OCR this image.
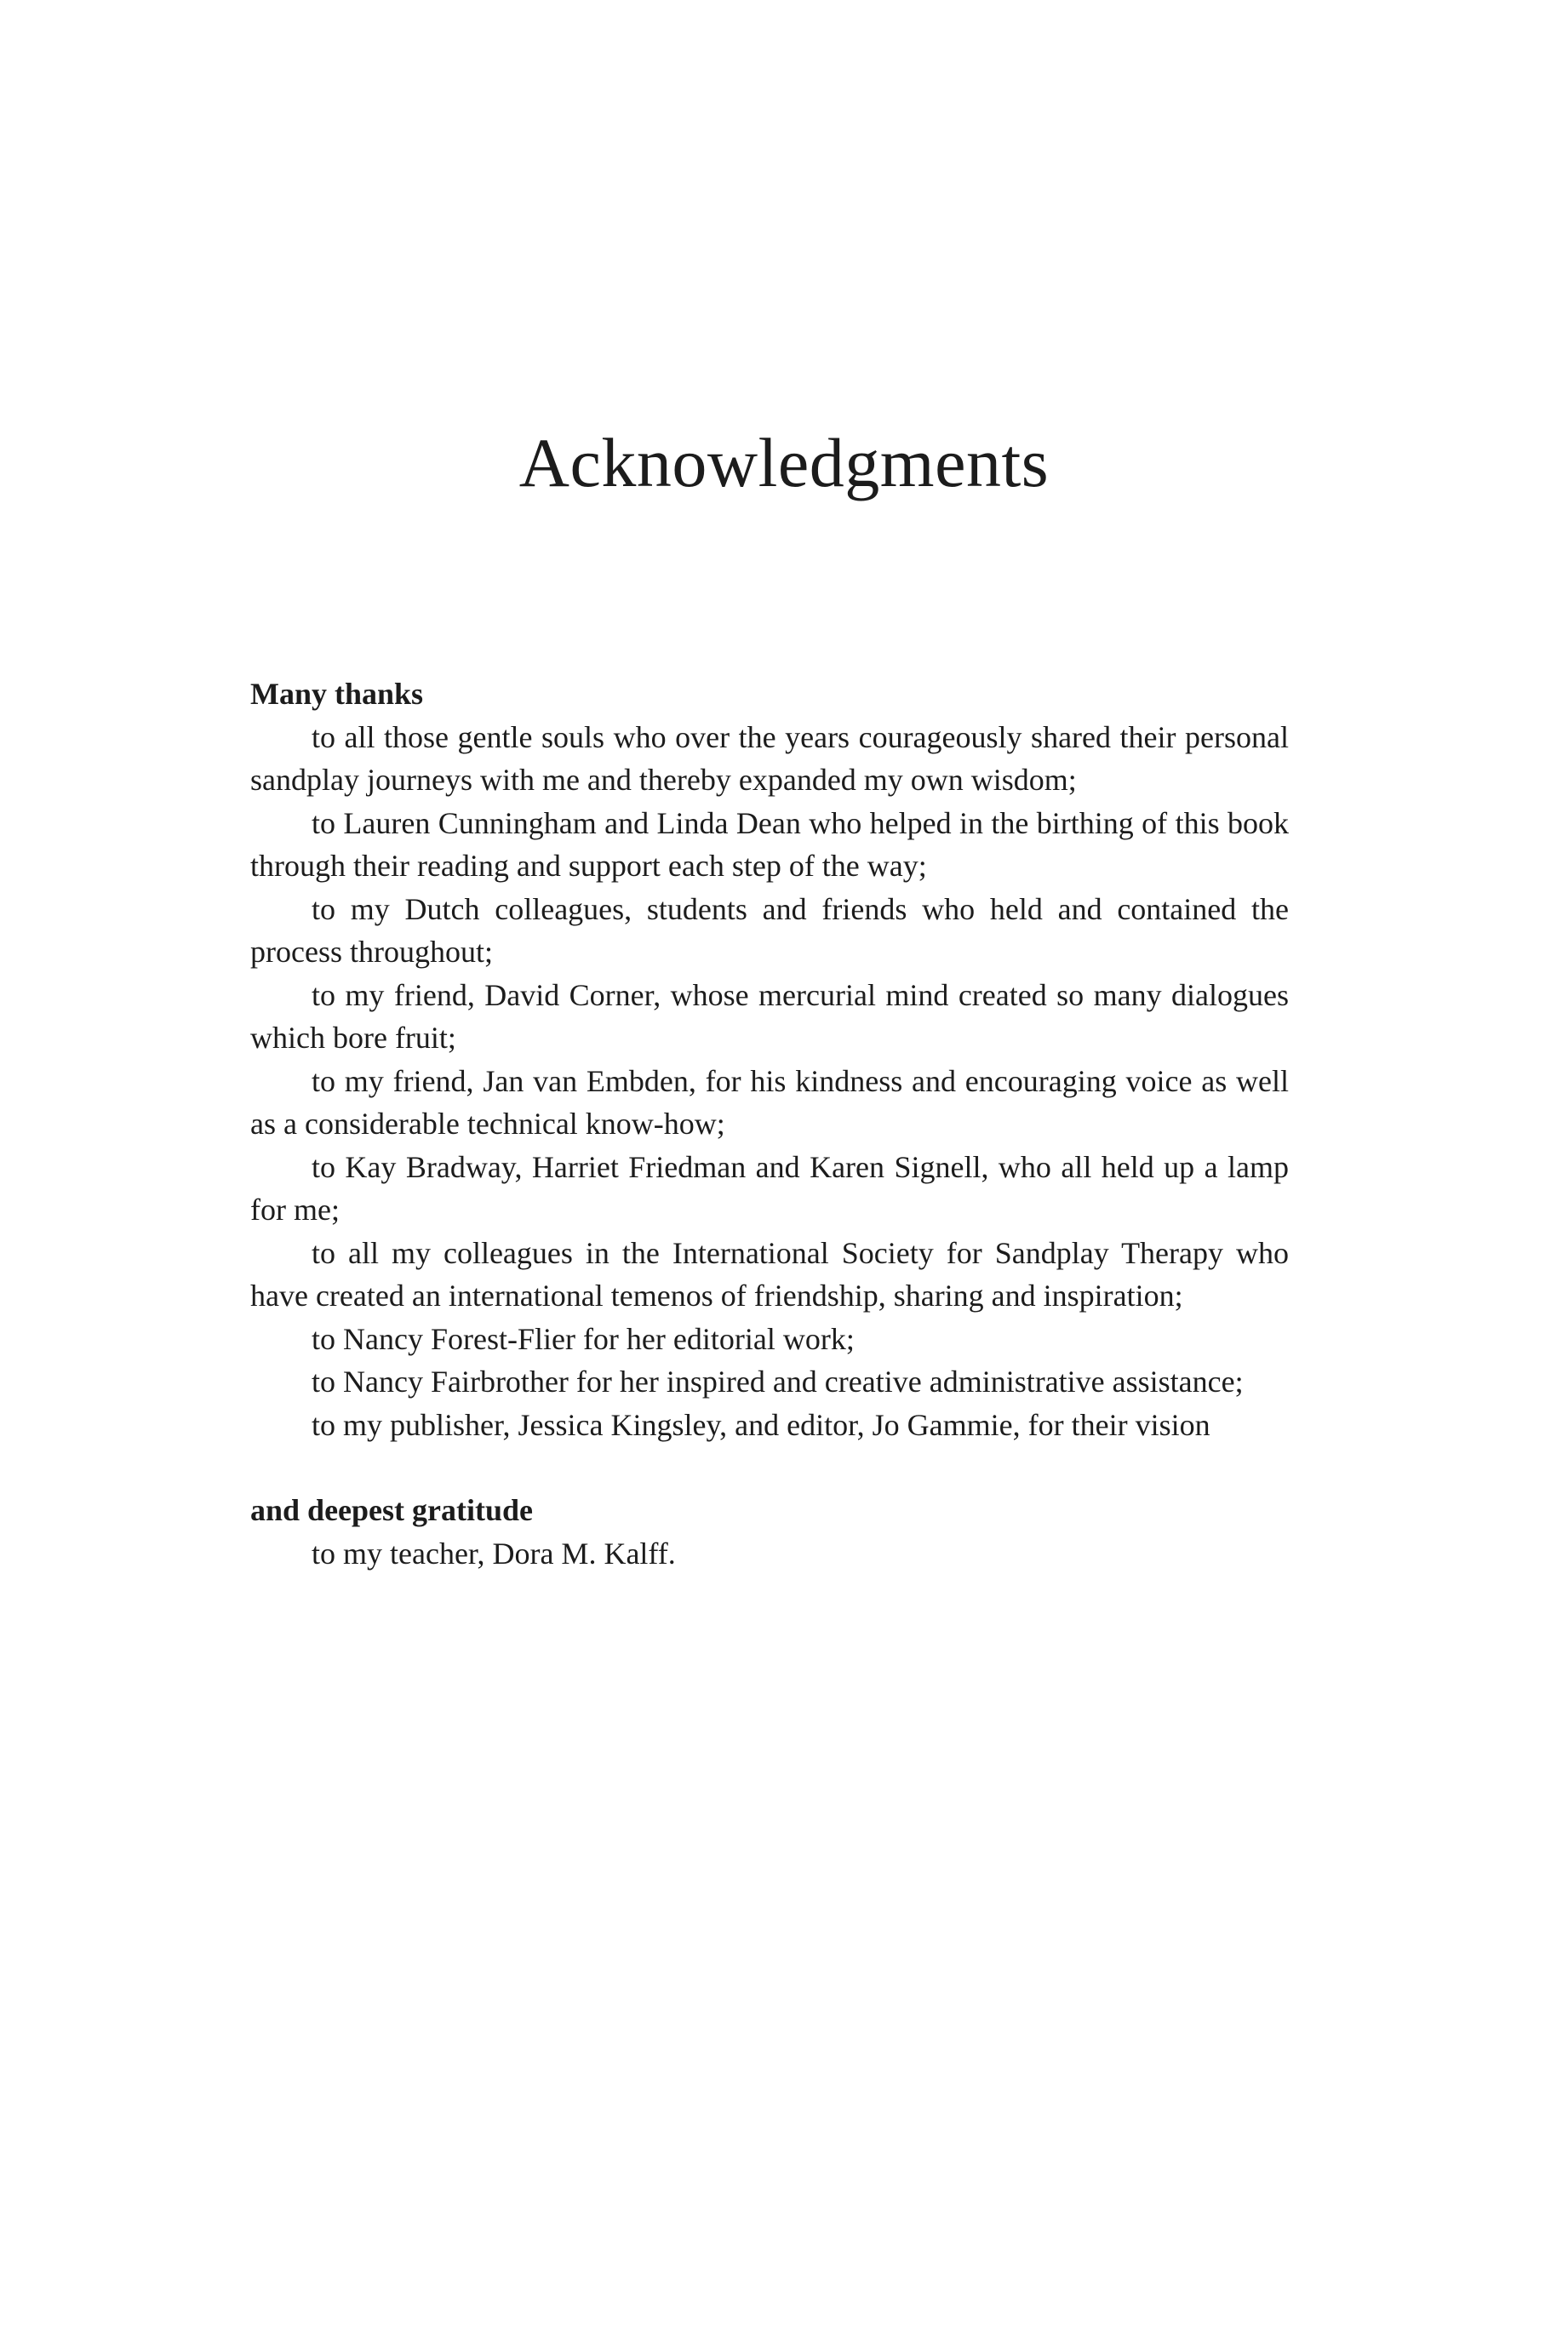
Acknowledgments
Many thanks
to all those gentle souls who over the years courageously shared their personal sandplay journeys with me and thereby expanded my own wisdom;
to Lauren Cunningham and Linda Dean who helped in the birthing of this book through their reading and support each step of the way;
to my Dutch colleagues, students and friends who held and contained the process throughout;
to my friend, David Corner, whose mercurial mind created so many dialogues which bore fruit;
to my friend, Jan van Embden, for his kindness and encouraging voice as well as a considerable technical know-how;
to Kay Bradway, Harriet Friedman and Karen Signell, who all held up a lamp for me;
to all my colleagues in the International Society for Sandplay Therapy who have created an international temenos of friendship, sharing and inspiration;
to Nancy Forest-Flier for her editorial work;
to Nancy Fairbrother for her inspired and creative administrative assistance;
to my publisher, Jessica Kingsley, and editor, Jo Gammie, for their vision
and deepest gratitude
to my teacher, Dora M. Kalff.
